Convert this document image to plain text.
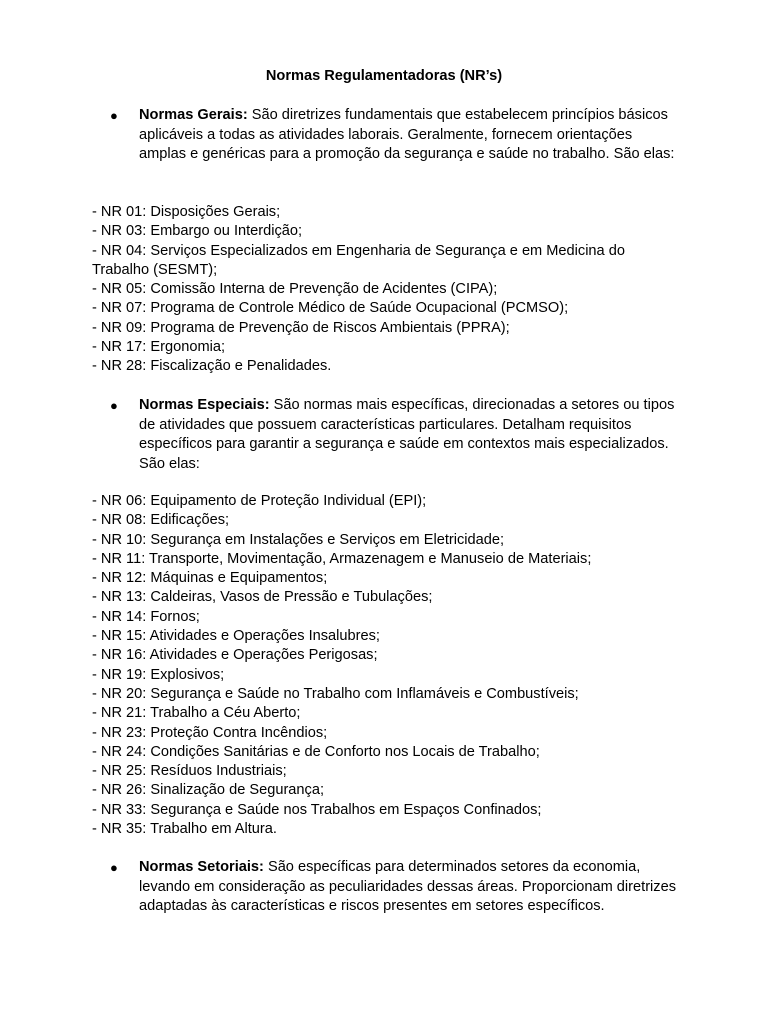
Normas Regulamentadoras (NR’s)
●	Normas Gerais: São diretrizes fundamentais que estabelecem princípios básicos aplicáveis a todas as atividades laborais. Geralmente, fornecem orientações amplas e genéricas para a promoção da segurança e saúde no trabalho. São elas:
- NR 01: Disposições Gerais;
- NR 03: Embargo ou Interdição;
- NR 04: Serviços Especializados em Engenharia de Segurança e em Medicina do Trabalho (SESMT);
- NR 05: Comissão Interna de Prevenção de Acidentes (CIPA);
- NR 07: Programa de Controle Médico de Saúde Ocupacional (PCMSO);
- NR 09: Programa de Prevenção de Riscos Ambientais (PPRA);
- NR 17: Ergonomia;
- NR 28: Fiscalização e Penalidades.
●	Normas Especiais: São normas mais específicas, direcionadas a setores ou tipos de atividades que possuem características particulares. Detalham requisitos específicos para garantir a segurança e saúde em contextos mais especializados. São elas:
- NR 06: Equipamento de Proteção Individual (EPI);
- NR 08: Edificações;
- NR 10: Segurança em Instalações e Serviços em Eletricidade;
- NR 11: Transporte, Movimentação, Armazenagem e Manuseio de Materiais;
- NR 12: Máquinas e Equipamentos;
- NR 13: Caldeiras, Vasos de Pressão e Tubulações;
- NR 14: Fornos;
- NR 15: Atividades e Operações Insalubres;
- NR 16: Atividades e Operações Perigosas;
- NR 19: Explosivos;
- NR 20: Segurança e Saúde no Trabalho com Inflamáveis e Combustíveis;
- NR 21: Trabalho a Céu Aberto;
- NR 23: Proteção Contra Incêndios;
- NR 24: Condições Sanitárias e de Conforto nos Locais de Trabalho;
- NR 25: Resíduos Industriais;
- NR 26: Sinalização de Segurança;
- NR 33: Segurança e Saúde nos Trabalhos em Espaços Confinados;
- NR 35: Trabalho em Altura.
●	Normas Setoriais: São específicas para determinados setores da economia, levando em consideração as peculiaridades dessas áreas. Proporcionam diretrizes adaptadas às características e riscos presentes em setores específicos.
